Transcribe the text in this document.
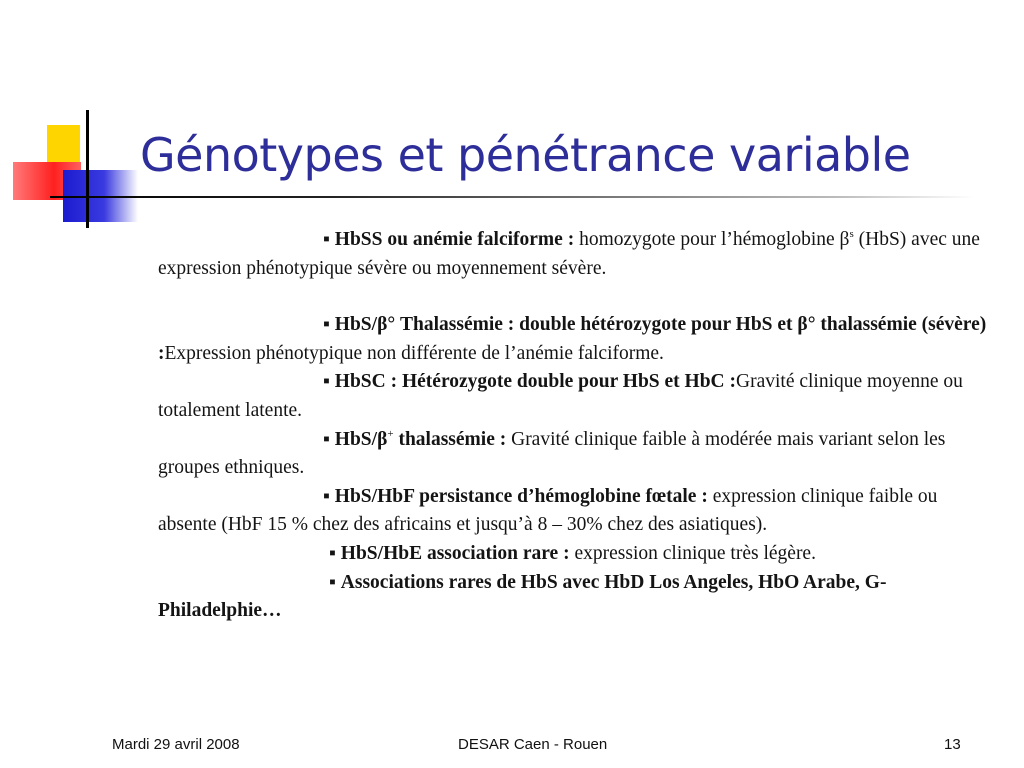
Génotypes et pénétrance variable

▪ HbSS ou anémie falciforme : homozygote pour l’hémoglobine $\beta^s$ (HbS) avec une expression phénotypique sévère ou moyennement sévère.

▪ HbS/β° Thalassémie : double hétérozygote pour HbS et β° thalassémie (sévère) :Expression phénotypique non différente de l’anémie falciforme.

▪ HbSC : Hétérozygote double pour HbS et HbC :Gravité clinique moyenne ou totalement latente.

▪ HbS/β+ thalassémie : Gravité clinique faible à modérée mais variant selon les groupes ethniques.

▪ HbS/HbF persistance d’hémoglobine fœtale : expression clinique faible ou absente (HbF 15 % chez des africains et jusqu’à 8 – 30% chez des asiatiques).

▪ HbS/HbE association rare : expression clinique très légère.

▪ Associations rares de HbS avec HbD Los Angeles, HbO Arabe, G-Philadelphie…

Mardi 29 avril 2008	DESAR Caen - Rouen	13
